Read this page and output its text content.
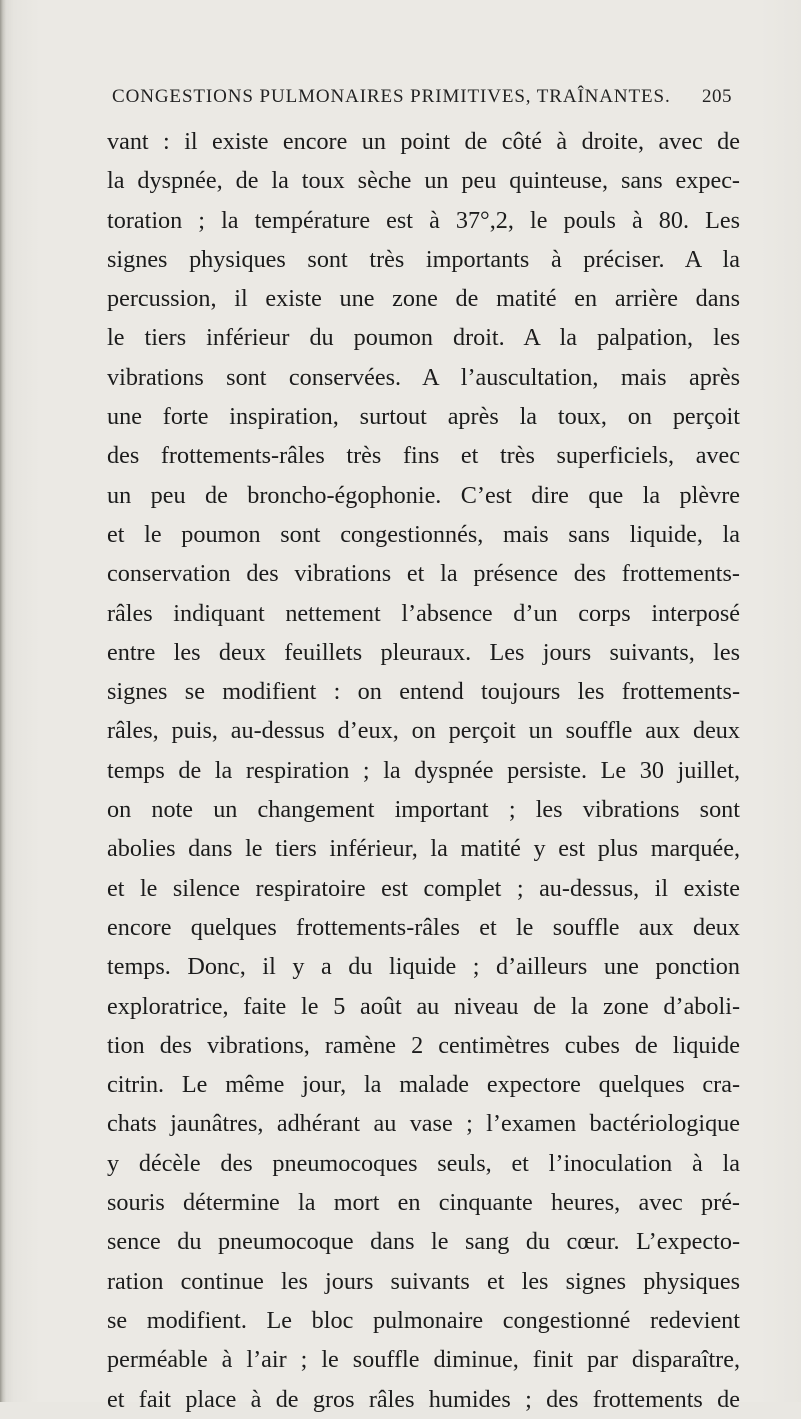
CONGESTIONS PULMONAIRES PRIMITIVES, TRAÎNANTES. 205
vant : il existe encore un point de côté à droite, avec de
la dyspnée, de la toux sèche un peu quinteuse, sans expec-
toration ; la température est à 37°,2, le pouls à 80. Les
signes physiques sont très importants à préciser. A la
percussion, il existe une zone de matité en arrière dans
le tiers inférieur du poumon droit. A la palpation, les
vibrations sont conservées. A l’auscultation, mais après
une forte inspiration, surtout après la toux, on perçoit
des frottements-râles très fins et très superficiels, avec
un peu de broncho-égophonie. C’est dire que la plèvre
et le poumon sont congestionnés, mais sans liquide, la
conservation des vibrations et la présence des frottements-
râles indiquant nettement l’absence d’un corps interposé
entre les deux feuillets pleuraux. Les jours suivants, les
signes se modifient : on entend toujours les frottements-
râles, puis, au-dessus d’eux, on perçoit un souffle aux deux
temps de la respiration ; la dyspnée persiste. Le 30 juillet,
on note un changement important ; les vibrations sont
abolies dans le tiers inférieur, la matité y est plus marquée,
et le silence respiratoire est complet ; au-dessus, il existe
encore quelques frottements-râles et le souffle aux deux
temps. Donc, il y a du liquide ; d’ailleurs une ponction
exploratrice, faite le 5 août au niveau de la zone d’aboli-
tion des vibrations, ramène 2 centimètres cubes de liquide
citrin. Le même jour, la malade expectore quelques cra-
chats jaunâtres, adhérant au vase ; l’examen bactériologique
y décèle des pneumocoques seuls, et l’inoculation à la
souris détermine la mort en cinquante heures, avec pré-
sence du pneumocoque dans le sang du cœur. L’expecto-
ration continue les jours suivants et les signes physiques
se modifient. Le bloc pulmonaire congestionné redevient
perméable à l’air ; le souffle diminue, finit par disparaître,
et fait place à de gros râles humides ; des frottements de
